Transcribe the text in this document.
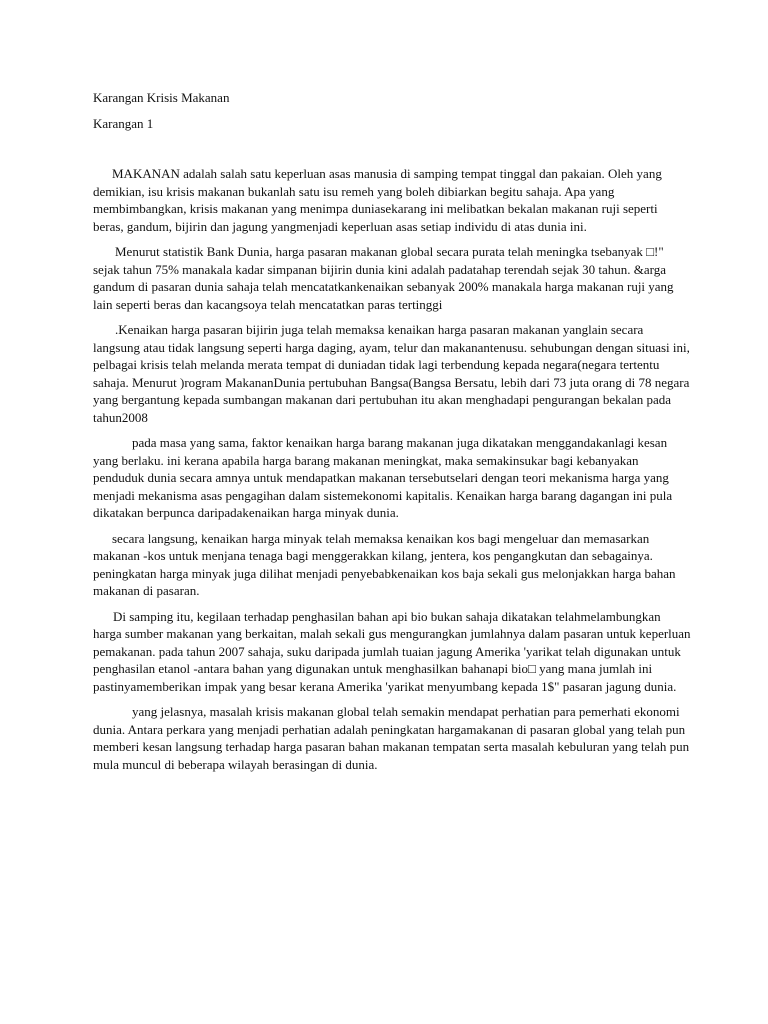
Karangan Krisis Makanan
Karangan 1

MAKANAN adalah salah satu keperluan asas manusia di samping tempat tinggal dan pakaian. Oleh yang demikian, isu krisis makanan bukanlah satu isu remeh yang boleh dibiarkan begitu sahaja. Apa yang membimbangkan, krisis makanan yang menimpa duniasekarang ini melibatkan bekalan makanan ruji seperti beras, gandum, bijirin dan jagung yangmenjadi keperluan asas setiap individu di atas dunia ini.

Menurut statistik Bank Dunia, harga pasaran makanan global secara purata telah meningka tsebanyak □!" sejak tahun 75% manakala kadar simpanan bijirin dunia kini adalah padatahap terendah sejak 30 tahun. &arga gandum di pasaran dunia sahaja telah mencatatkankenaikan sebanyak 200% manakala harga makanan ruji yang lain seperti beras dan kacangsoya telah mencatatkan paras tertinggi

.Kenaikan harga pasaran bijirin juga telah memaksa kenaikan harga pasaran makanan yanglain secara langsung atau tidak langsung seperti harga daging, ayam, telur dan makanantenusu. sehubungan dengan situasi ini, pelbagai krisis telah melanda merata tempat di duniadan tidak lagi terbendung kepada negara(negara tertentu sahaja. Menurut )rogram MakananDunia pertubuhan Bangsa(Bangsa Bersatu, lebih dari 73 juta orang di 78 negara yang bergantung kepada sumbangan makanan dari pertubuhan itu akan menghadapi pengurangan bekalan pada tahun2008

pada masa yang sama, faktor kenaikan harga barang makanan juga dikatakan menggandakanlagi kesan yang berlaku. ini kerana apabila harga barang makanan meningkat, maka semakinsukar bagi kebanyakan penduduk dunia secara amnya untuk mendapatkan makanan tersebutselari dengan teori mekanisma harga yang menjadi mekanisma asas pengagihan dalam sistemekonomi kapitalis. Kenaikan harga barang dagangan ini pula dikatakan berpunca daripadakenaikan harga minyak dunia.

secara langsung, kenaikan harga minyak telah memaksa kenaikan kos bagi mengeluar dan memasarkan makanan -kos untuk menjana tenaga bagi menggerakkan kilang, jentera, kos pengangkutan dan sebagainya. peningkatan harga minyak juga dilihat menjadi penyebabkenaikan kos baja sekali gus melonjakkan harga bahan makanan di pasaran.

Di samping itu, kegilaan terhadap penghasilan bahan api bio bukan sahaja dikatakan telahmelambungkan harga sumber makanan yang berkaitan, malah sekali gus mengurangkan jumlahnya dalam pasaran untuk keperluan pemakanan. pada tahun 2007 sahaja, suku daripada jumlah tuaian jagung Amerika 'yarikat telah digunakan untuk penghasilan etanol -antara bahan yang digunakan untuk menghasilkan bahanapi bio□ yang mana jumlah ini pastinyamemberikan impak yang besar kerana Amerika 'yarikat menyumbang kepada 1$" pasaran jagung dunia.

yang jelasnya, masalah krisis makanan global telah semakin mendapat perhatian para pemerhati ekonomi dunia. Antara perkara yang menjadi perhatian adalah peningkatan hargamakanan di pasaran global yang telah pun memberi kesan langsung terhadap harga pasaran bahan makanan tempatan serta masalah kebuluran yang telah pun mula muncul di beberapa wilayah berasingan di dunia.
